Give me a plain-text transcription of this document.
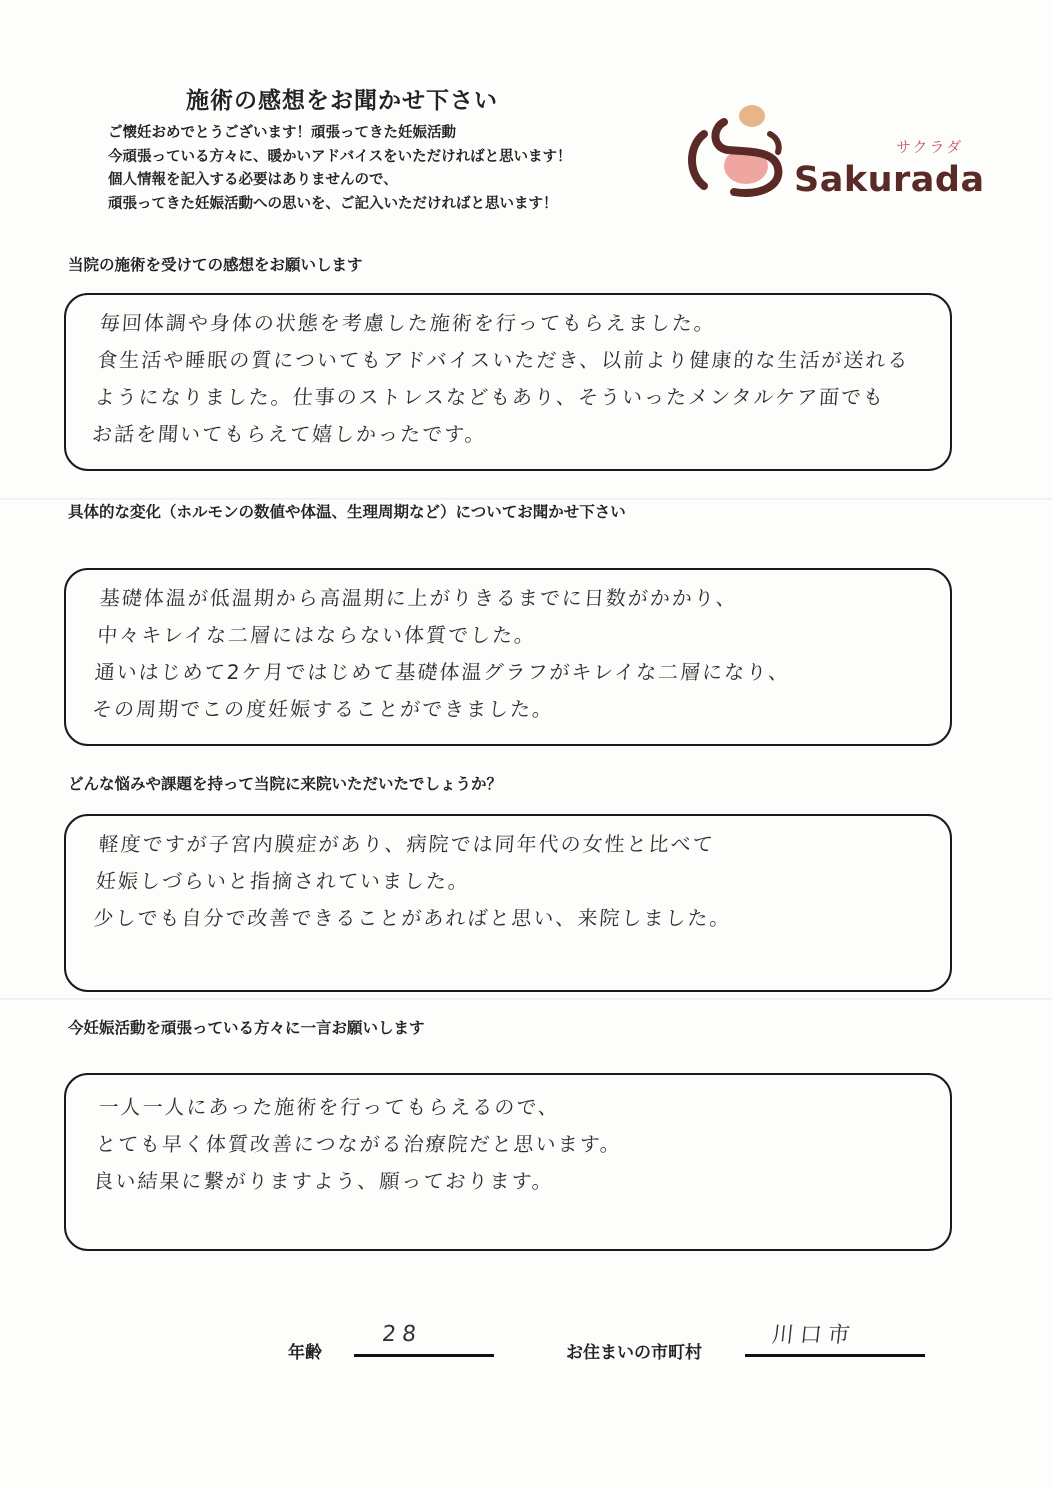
施術の感想をお聞かせ下さい
ご懐妊おめでとうございます！頑張ってきた妊娠活動
今頑張っている方々に、暖かいアドバイスをいただければと思います！
個人情報を記入する必要はありませんので、
頑張ってきた妊娠活動への思いを、ご記入いただければと思います！
サクラダ
Sakurada
当院の施術を受けての感想をお願いします
毎回体調や身体の状態を考慮した施術を行ってもらえました。
食生活や睡眠の質についてもアドバイスいただき、以前より健康的な生活が送れる
ようになりました。仕事のストレスなどもあり、そういったメンタルケア面でも
お話を聞いてもらえて嬉しかったです。
具体的な変化（ホルモンの数値や体温、生理周期など）についてお聞かせ下さい
基礎体温が低温期から高温期に上がりきるまでに日数がかかり、
中々キレイな二層にはならない体質でした。
通いはじめて2ケ月ではじめて基礎体温グラフがキレイな二層になり、
その周期でこの度妊娠することができました。
どんな悩みや課題を持って当院に来院いただいたでしょうか？
軽度ですが子宮内膜症があり、病院では同年代の女性と比べて
妊娠しづらいと指摘されていました。
少しでも自分で改善できることがあればと思い、来院しました。
今妊娠活動を頑張っている方々に一言お願いします
一人一人にあった施術を行ってもらえるので、
とても早く体質改善につながる治療院だと思います。
良い結果に繋がりますよう、願っております。
年齢
28
お住まいの市町村
川口市
